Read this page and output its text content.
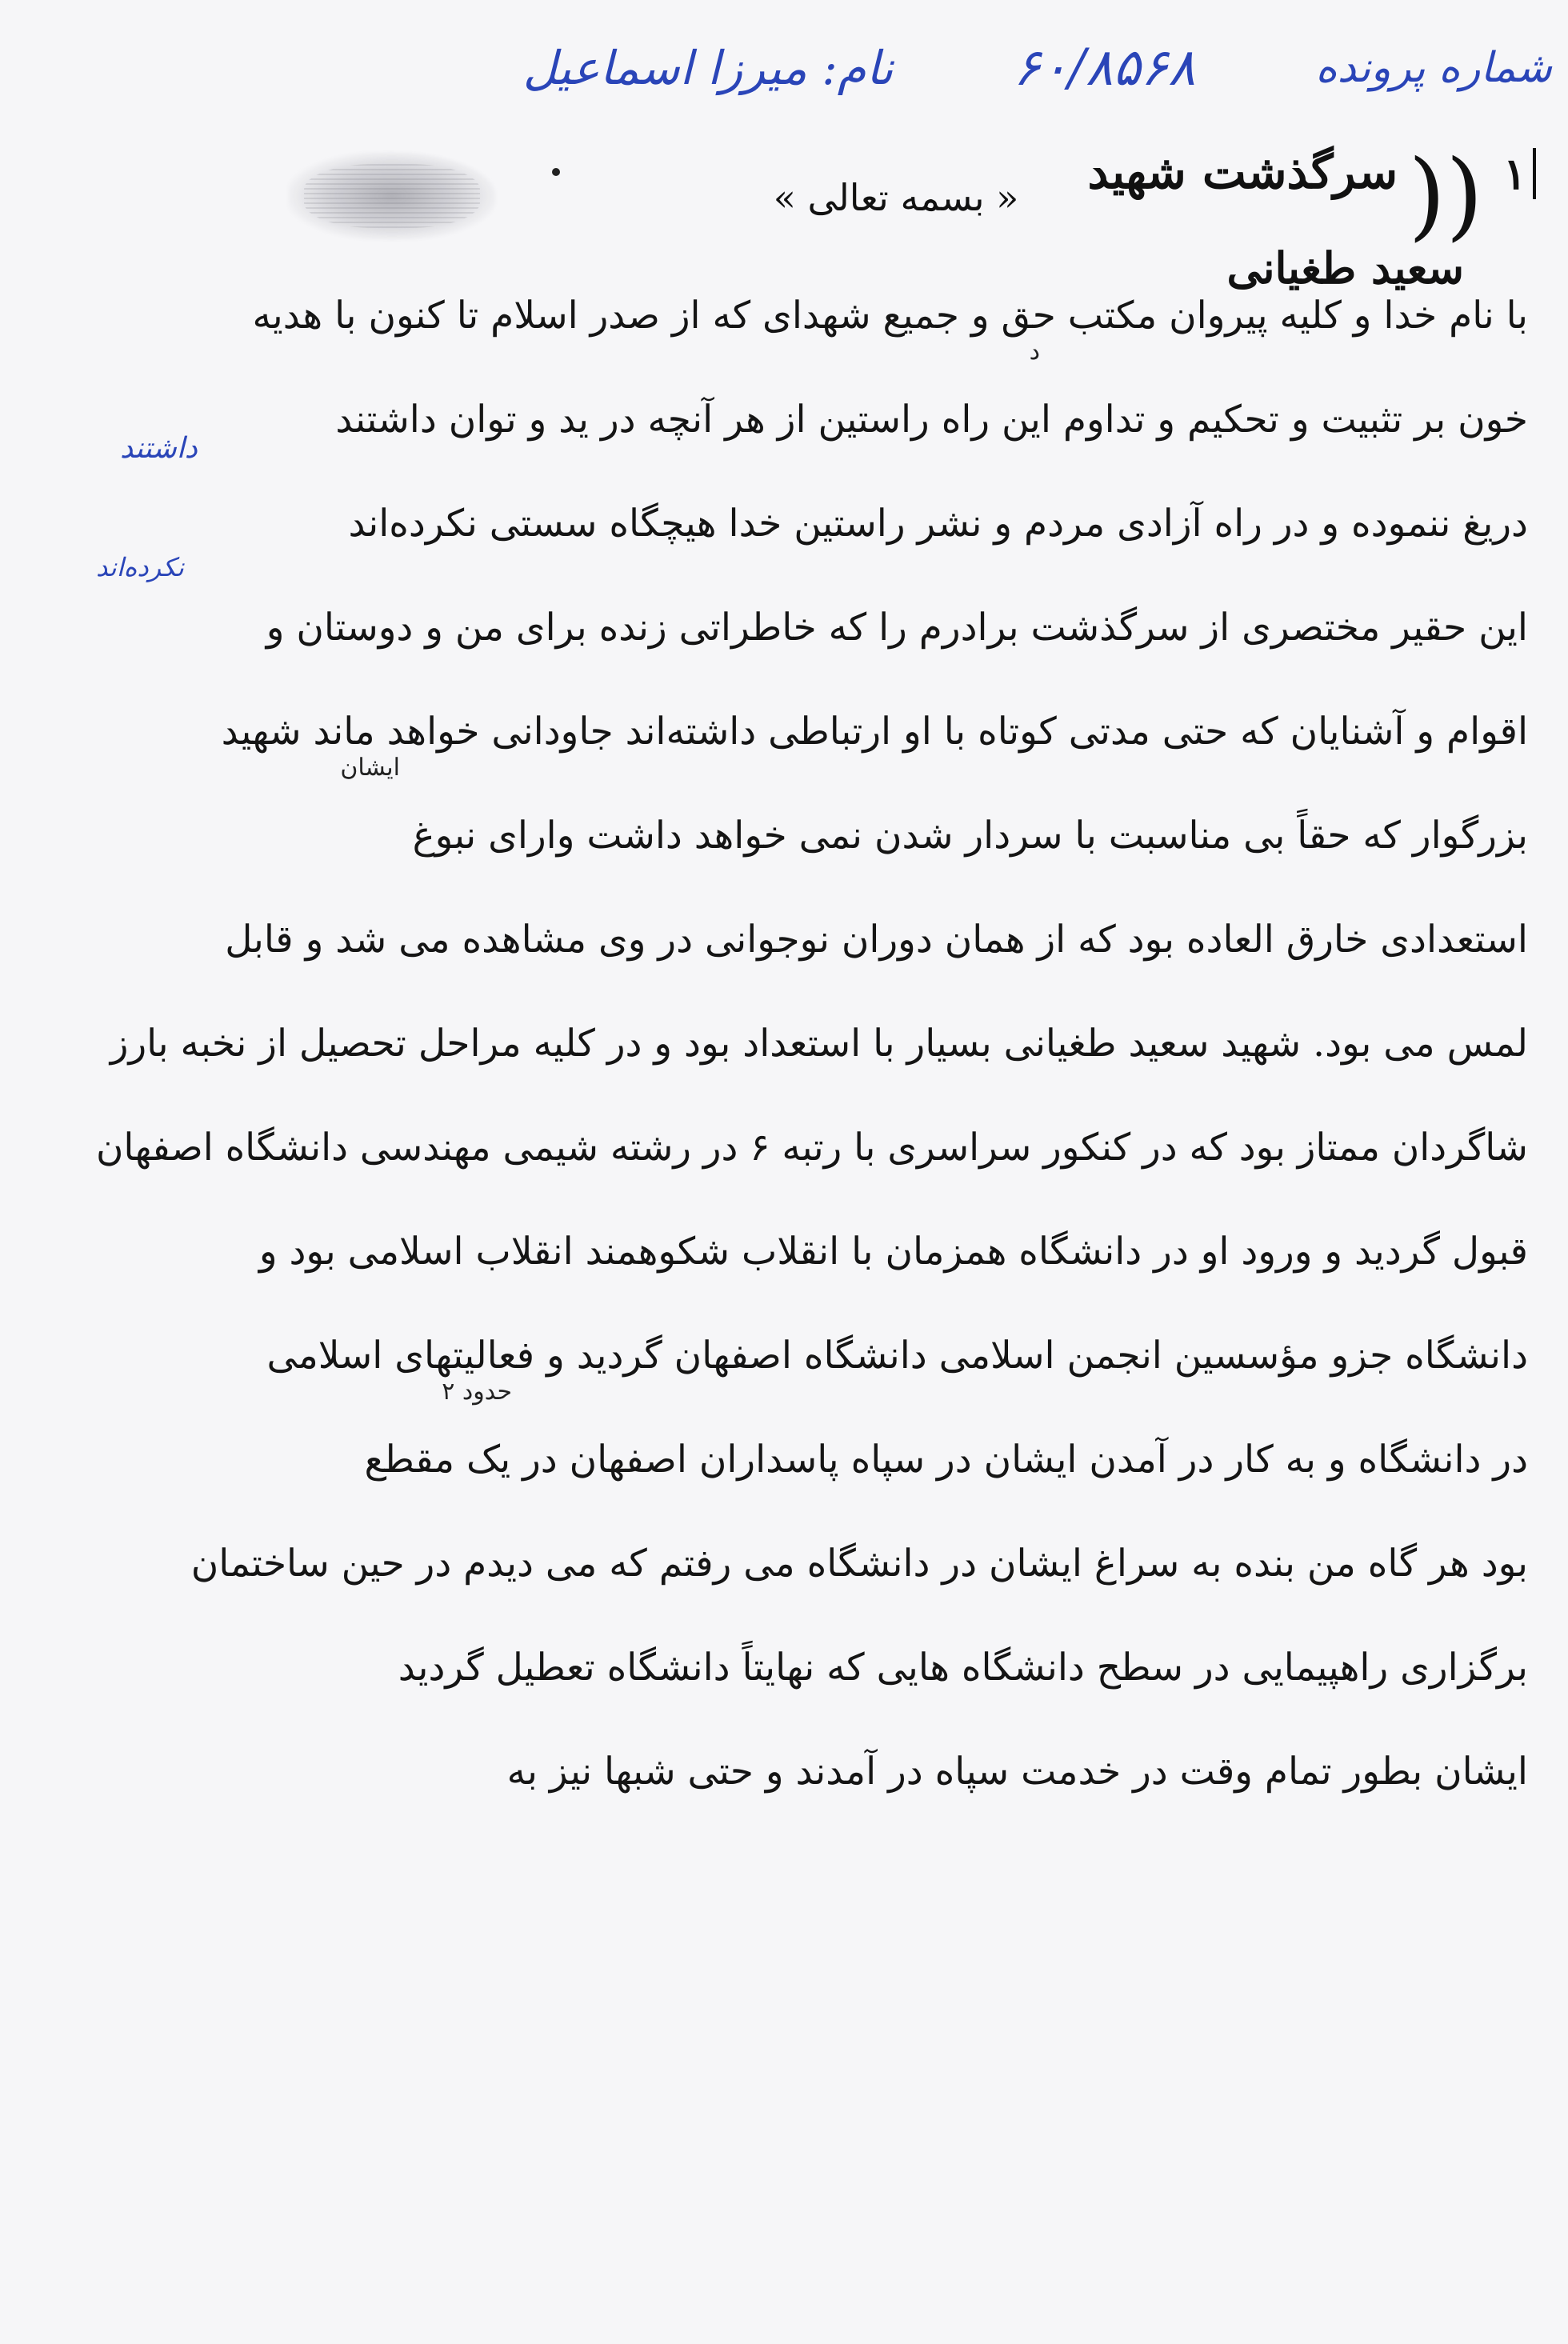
شماره پرونده
۶۰/۸۵۶۸
نام: میرزا اسماعیل
« بسمه تعالی »	۱ (( سرگذشت شهید
سعید طغیانی
با نام خدا و کلیه پیروان مکتب حق و جمیع شهدای که از صدر اسلام تا کنون با هدیه
د
خون بر تثبیت و تحکیم و تداوم این راه راستین از هر آنچه در ید و توان داشتند
دریغ ننموده و در راه آزادی مردم و نشر راستین خدا هیچگاه سستی نکرده‌اند
این حقیر مختصری از سرگذشت برادرم را که خاطراتی زنده برای من و دوستان و
اقوام و آشنایان که حتی مدتی کوتاه با او ارتباطی داشته‌اند جاودانی خواهد ماند شهید
ایشان
بزرگوار که حقاً بی مناسبت با سردار شدن نمی خواهد داشت وارای نبوغ
استعدادی خارق العاده بود که از همان دوران نوجوانی در وی مشاهده می شد و قابل
لمس می بود. شهید سعید طغیانی بسیار با استعداد بود و در کلیه مراحل تحصیل از نخبه بارز
شاگردان ممتاز بود که در کنکور سراسری با رتبه ۶ در رشته شیمی مهندسی دانشگاه اصفهان
قبول گردید و ورود او در دانشگاه همزمان با انقلاب شکوهمند انقلاب اسلامی بود و
دانشگاه جزو مؤسسین انجمن اسلامی دانشگاه اصفهان گردید و فعالیتهای اسلامی
حدود ۲
در دانشگاه و به کار در آمدن ایشان در سپاه پاسداران اصفهان در یک مقطع
بود هر گاه من بنده به سراغ ایشان در دانشگاه می رفتم که می دیدم در حین ساختمان
برگزاری راهپیمایی در سطح دانشگاه هایی که نهایتاً دانشگاه تعطیل گردید
ایشان بطور تمام وقت در خدمت سپاه در آمدند و حتی شبها نیز به
داشتند
نکرده‌اند
